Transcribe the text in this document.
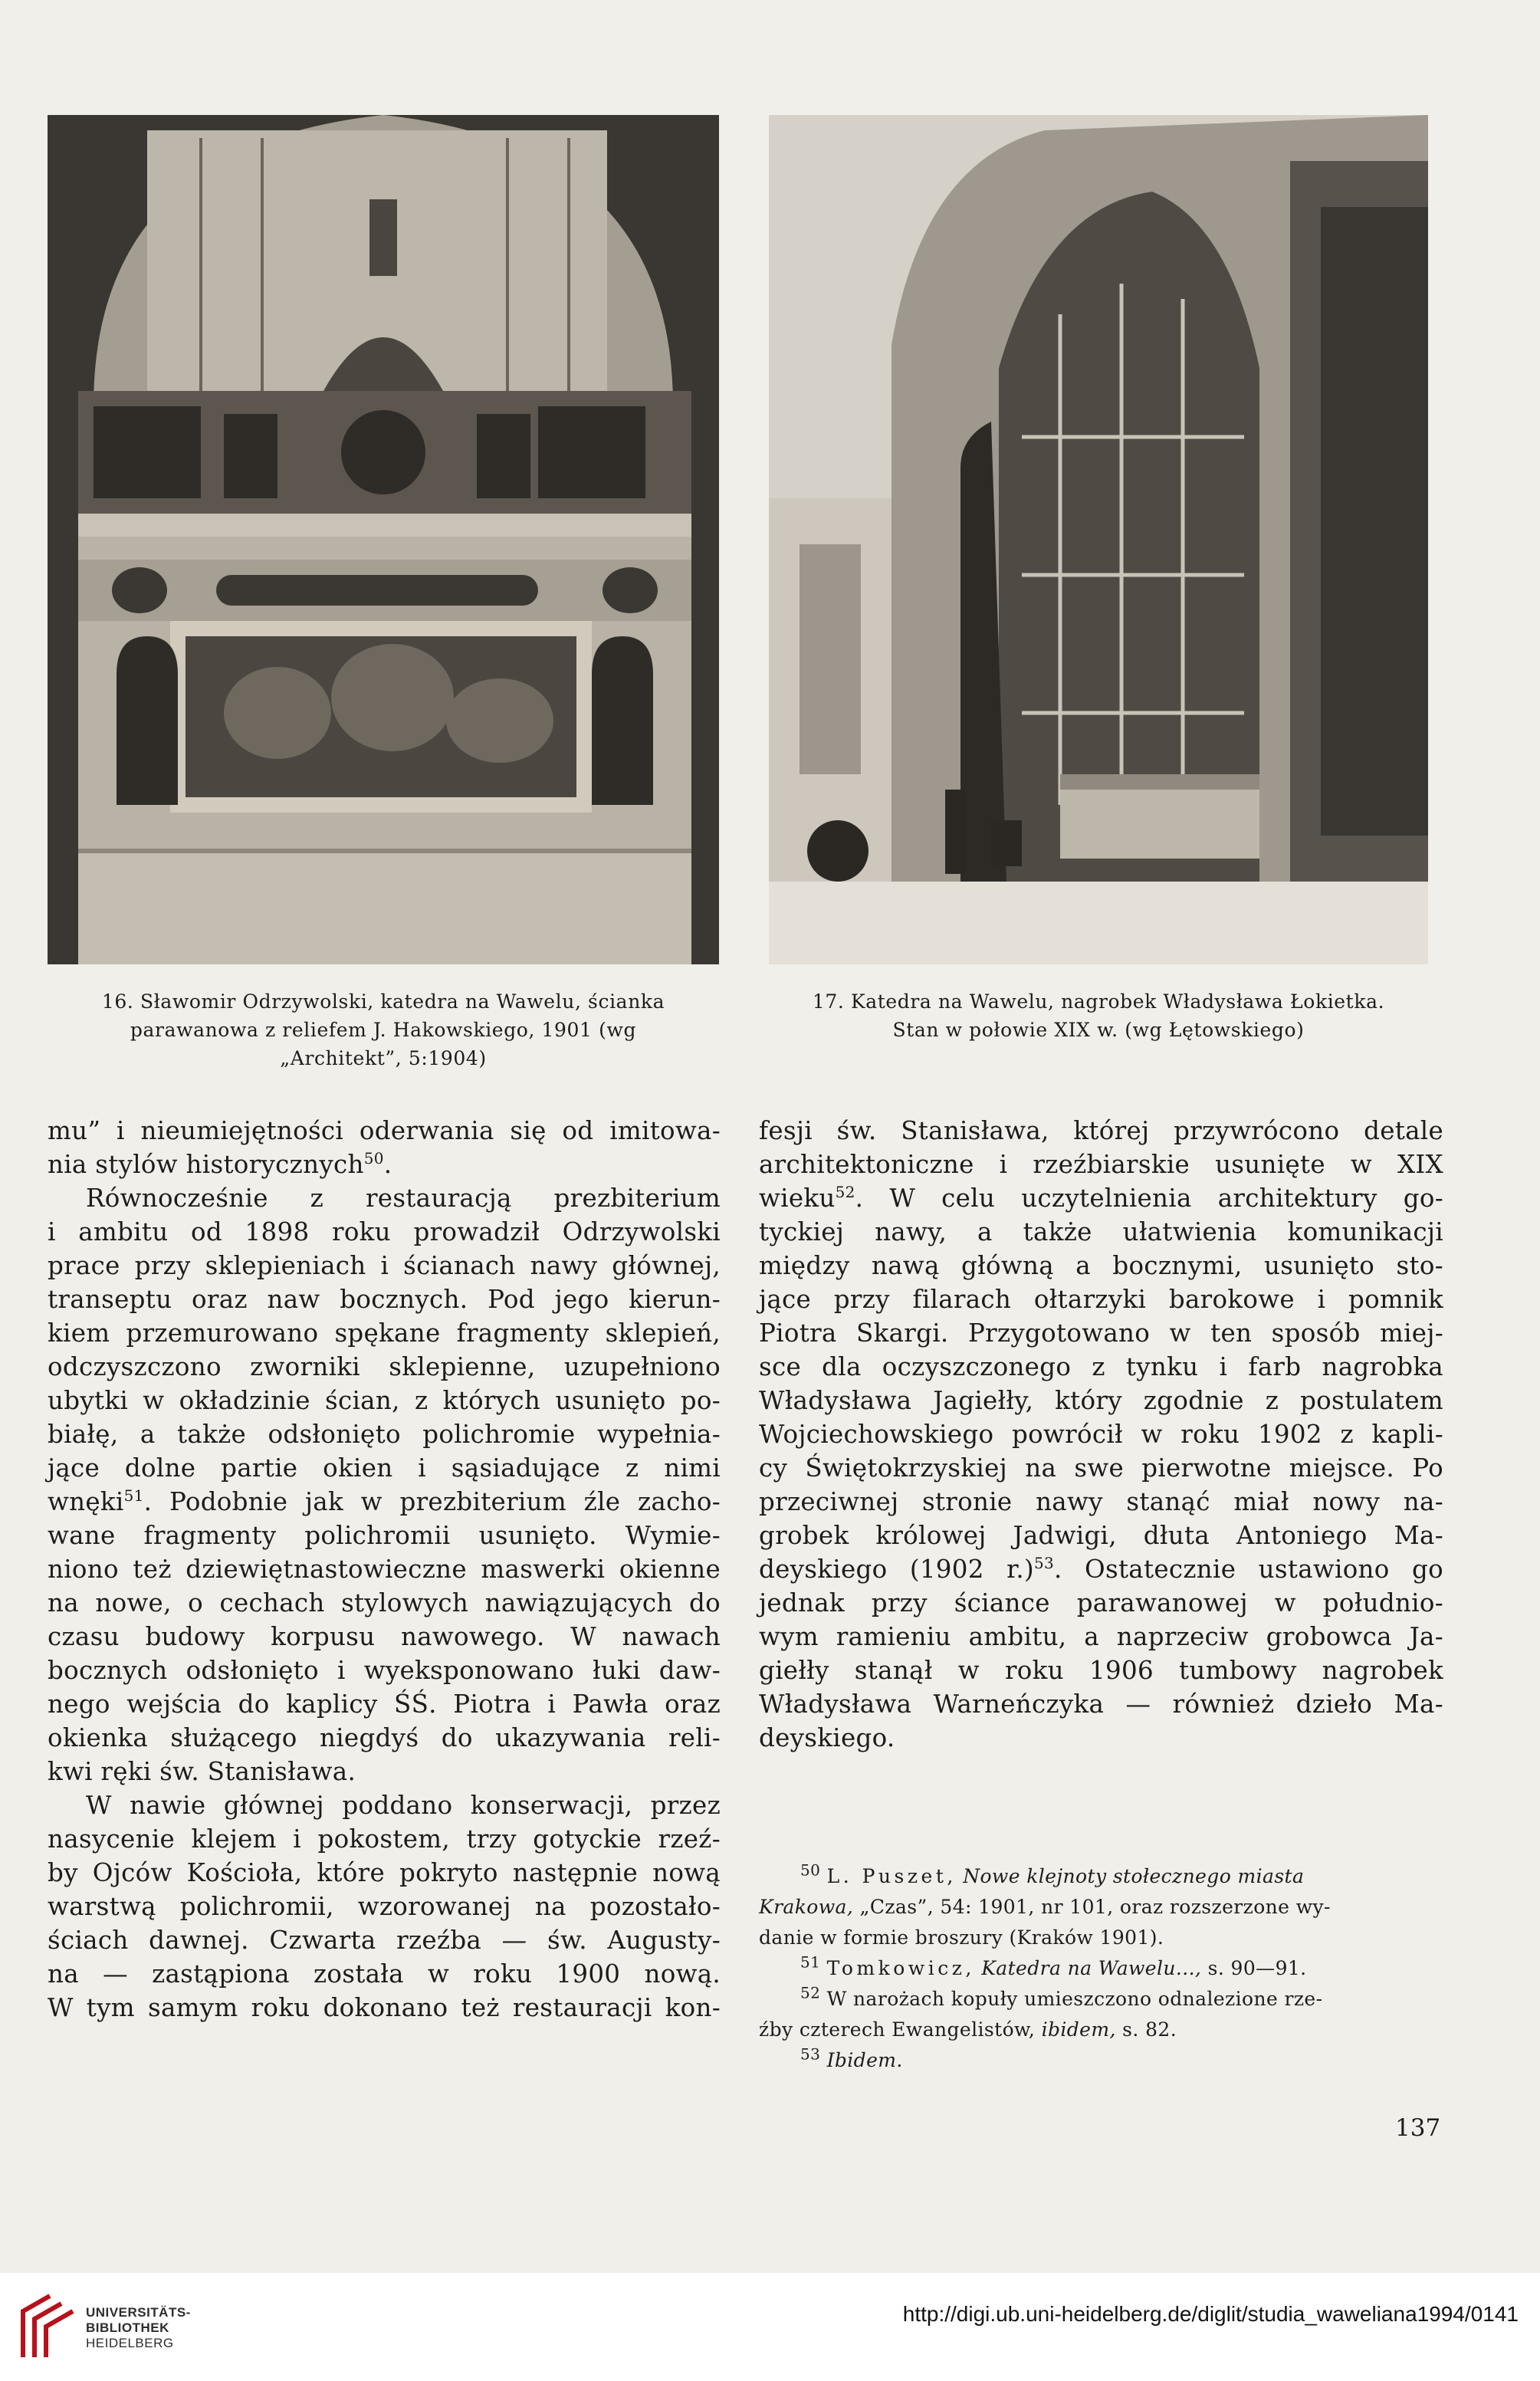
16. Sławomir Odrzywolski, katedra na Wawelu, ścianka
parawanowa z reliefem J. Hakowskiego, 1901 (wg
„Architekt”, 5:1904)
17. Katedra na Wawelu, nagrobek Władysława Łokietka.
Stan w połowie XIX w. (wg Łętowskiego)
mu” i nieumiejętności oderwania się od imitowa-
nia stylów historycznych$^{50}$.
Równocześnie z restauracją prezbiterium
i ambitu od 1898 roku prowadził Odrzywolski
prace przy sklepieniach i ścianach nawy głównej,
transeptu oraz naw bocznych. Pod jego kierun-
kiem przemurowano spękane fragmenty sklepień,
odczyszczono zworniki sklepienne, uzupełniono
ubytki w okładzinie ścian, z których usunięto po-
białę, a także odsłonięto polichromie wypełnia-
jące dolne partie okien i sąsiadujące z nimi
wnęki$^{51}$. Podobnie jak w prezbiterium źle zacho-
wane fragmenty polichromii usunięto. Wymie-
niono też dziewiętnastowieczne maswerki okienne
na nowe, o cechach stylowych nawiązujących do
czasu budowy korpusu nawowego. W nawach
bocznych odsłonięto i wyeksponowano łuki daw-
nego wejścia do kaplicy ŚŚ. Piotra i Pawła oraz
okienka służącego niegdyś do ukazywania reli-
kwi ręki św. Stanisława.
W nawie głównej poddano konserwacji, przez
nasycenie klejem i pokostem, trzy gotyckie rzeź-
by Ojców Kościoła, które pokryto następnie nową
warstwą polichromii, wzorowanej na pozostało-
ściach dawnej. Czwarta rzeźba — św. Augusty-
na — zastąpiona została w roku 1900 nową.
W tym samym roku dokonano też restauracji kon-
fesji św. Stanisława, której przywrócono detale
architektoniczne i rzeźbiarskie usunięte w XIX
wieku$^{52}$. W celu uczytelnienia architektury go-
tyckiej nawy, a także ułatwienia komunikacji
między nawą główną a bocznymi, usunięto sto-
jące przy filarach ołtarzyki barokowe i pomnik
Piotra Skargi. Przygotowano w ten sposób miej-
sce dla oczyszczonego z tynku i farb nagrobka
Władysława Jagiełły, który zgodnie z postulatem
Wojciechowskiego powrócił w roku 1902 z kapli-
cy Świętokrzyskiej na swe pierwotne miejsce. Po
przeciwnej stronie nawy stanąć miał nowy na-
grobek królowej Jadwigi, dłuta Antoniego Ma-
deyskiego (1902 r.)$^{53}$. Ostatecznie ustawiono go
jednak przy ściance parawanowej w południo-
wym ramieniu ambitu, a naprzeciw grobowca Ja-
giełły stanął w roku 1906 tumbowy nagrobek
Władysława Warneńczyka — również dzieło Ma-
deyskiego.
$^{50}$ L. Puszet, Nowe klejnoty stołecznego miasta
Krakowa, „Czas”, 54: 1901, nr 101, oraz rozszerzone wy-
danie w formie broszury (Kraków 1901).
$^{51}$ Tomkowicz, Katedra na Wawelu..., s. 90—91.
$^{52}$ W narożach kopuły umieszczono odnalezione rze-
źby czterech Ewangelistów, ibidem, s. 82.
$^{53}$ Ibidem.
137
UNIVERSITÄTS-
BIBLIOTHEK
HEIDELBERG
http://digi.ub.uni-heidelberg.de/diglit/studia_waweliana1994/0141
